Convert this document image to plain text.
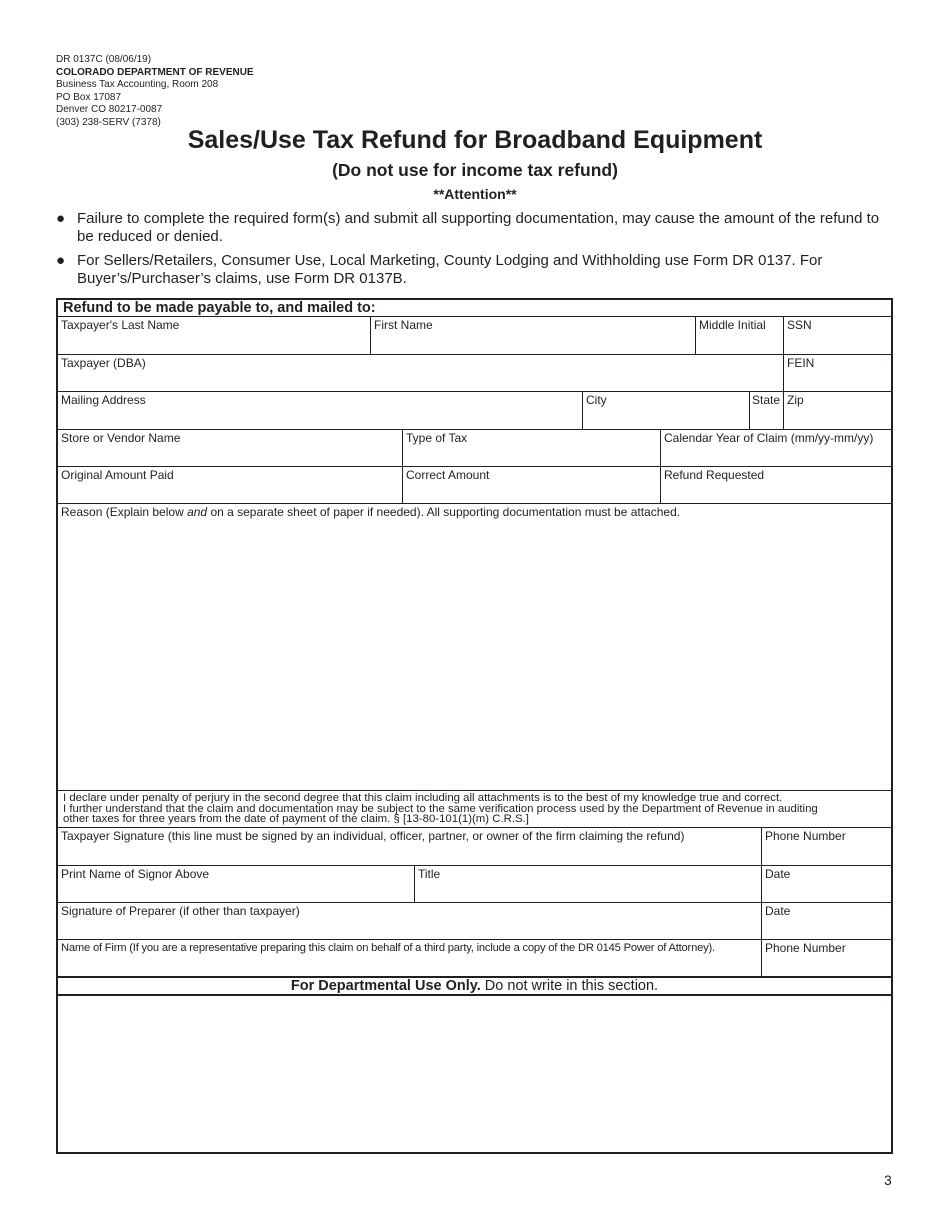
DR 0137C (08/06/19)
COLORADO DEPARTMENT OF REVENUE
Business Tax Accounting, Room 208
PO Box 17087
Denver CO 80217-0087
(303) 238-SERV (7378)
Sales/Use Tax Refund for Broadband Equipment
(Do not use for income tax refund)
**Attention**
● Failure to complete the required form(s) and submit all supporting documentation, may cause the amount of the refund to be reduced or denied.
● For Sellers/Retailers, Consumer Use, Local Marketing, County Lodging and Withholding use Form DR 0137. For Buyer’s/Purchaser’s claims, use Form DR 0137B.
Refund to be made payable to, and mailed to:
Taxpayer's Last Name	First Name	Middle Initial SSN
Taxpayer (DBA)	FEIN
Mailing Address	City	State Zip
Store or Vendor Name	Type of Tax	Calendar Year of Claim (mm/yy-mm/yy)
Original Amount Paid	Correct Amount	Refund Requested
Reason (Explain below and on a separate sheet of paper if needed). All supporting documentation must be attached.
I declare under penalty of perjury in the second degree that this claim including all attachments is to the best of my knowledge true and correct.
I further understand that the claim and documentation may be subject to the same verification process used by the Department of Revenue in auditing
other taxes for three years from the date of payment of the claim. § [13-80-101(1)(m) C.R.S.]
Taxpayer Signature (this line must be signed by an individual, officer, partner, or owner of the firm claiming the refund)	Phone Number
Print Name of Signor Above	Title	Date
Signature of Preparer (if other than taxpayer)	Date
Name of Firm (If you are a representative preparing this claim on behalf of a third party, include a copy of the DR 0145 Power of Attorney).	Phone Number
For Departmental Use Only. Do not write in this section.
3
